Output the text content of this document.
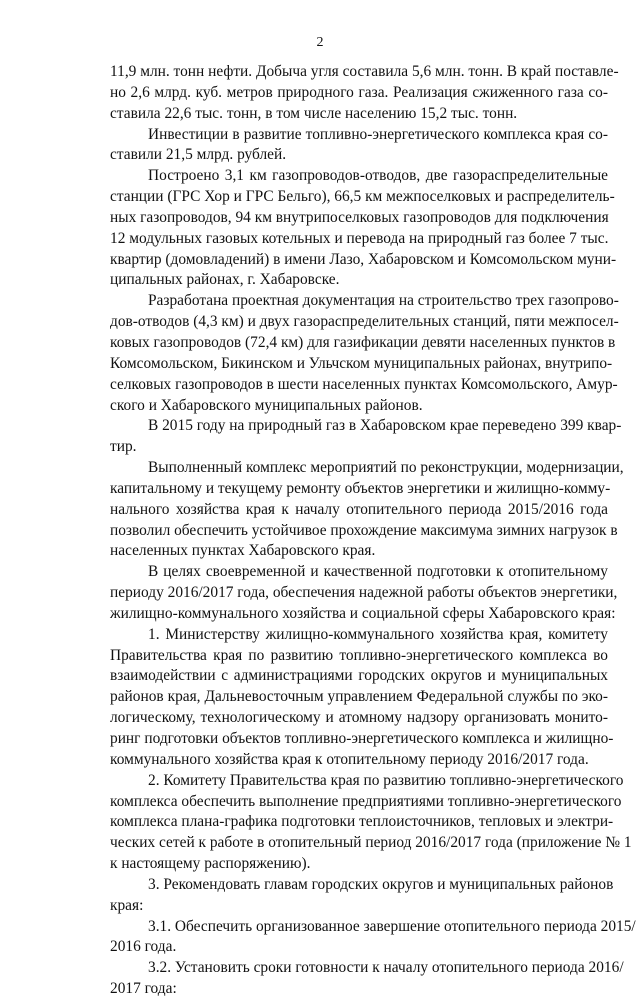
2
11,9 млн. тонн нефти. Добыча угля составила 5,6 млн. тонн. В край поставле-
но 2,6 млрд. куб. метров природного газа. Реализация сжиженного газа со-
ставила 22,6 тыс. тонн, в том числе населению 15,2 тыс. тонн.
Инвестиции в развитие топливно-энергетического комплекса края со-
ставили 21,5 млрд. рублей.
Построено 3,1 км газопроводов-отводов, две газораспределительные
станции (ГРС Хор и ГРС Бельго), 66,5 км межпоселковых и распределитель-
ных газопроводов, 94 км внутрипоселковых газопроводов для подключения
12 модульных газовых котельных и перевода на природный газ более 7 тыс.
квартир (домовладений) в имени Лазо, Хабаровском и Комсомольском муни-
ципальных районах, г. Хабаровске.
Разработана проектная документация на строительство трех газопрово-
дов-отводов (4,3 км) и двух газораспределительных станций, пяти межпосел-
ковых газопроводов (72,4 км) для газификации девяти населенных пунктов в
Комсомольском, Бикинском и Ульчском муниципальных районах, внутрипо-
селковых газопроводов в шести населенных пунктах Комсомольского, Амур-
ского и Хабаровского муниципальных районов.
В 2015 году на природный газ в Хабаровском крае переведено 399 квар-
тир.
Выполненный комплекс мероприятий по реконструкции, модернизации,
капитальному и текущему ремонту объектов энергетики и жилищно-комму-
нального хозяйства края к началу отопительного периода 2015/2016 года
позволил обеспечить устойчивое прохождение максимума зимних нагрузок в
населенных пунктах Хабаровского края.
В целях своевременной и качественной подготовки к отопительному
периоду 2016/2017 года, обеспечения надежной работы объектов энергетики,
жилищно-коммунального хозяйства и социальной сферы Хабаровского края:
1. Министерству жилищно-коммунального хозяйства края, комитету
Правительства края по развитию топливно-энергетического комплекса во
взаимодействии с администрациями городских округов и муниципальных
районов края, Дальневосточным управлением Федеральной службы по эко-
логическому, технологическому и атомному надзору организовать монито-
ринг подготовки объектов топливно-энергетического комплекса и жилищно-
коммунального хозяйства края к отопительному периоду 2016/2017 года.
2. Комитету Правительства края по развитию топливно-энергетического
комплекса обеспечить выполнение предприятиями топливно-энергетического
комплекса плана-графика подготовки теплоисточников, тепловых и электри-
ческих сетей к работе в отопительный период 2016/2017 года (приложение № 1
к настоящему распоряжению).
3. Рекомендовать главам городских округов и муниципальных районов
края:
3.1. Обеспечить организованное завершение отопительного периода 2015/
2016 года.
3.2. Установить сроки готовности к началу отопительного периода 2016/
2017 года:
